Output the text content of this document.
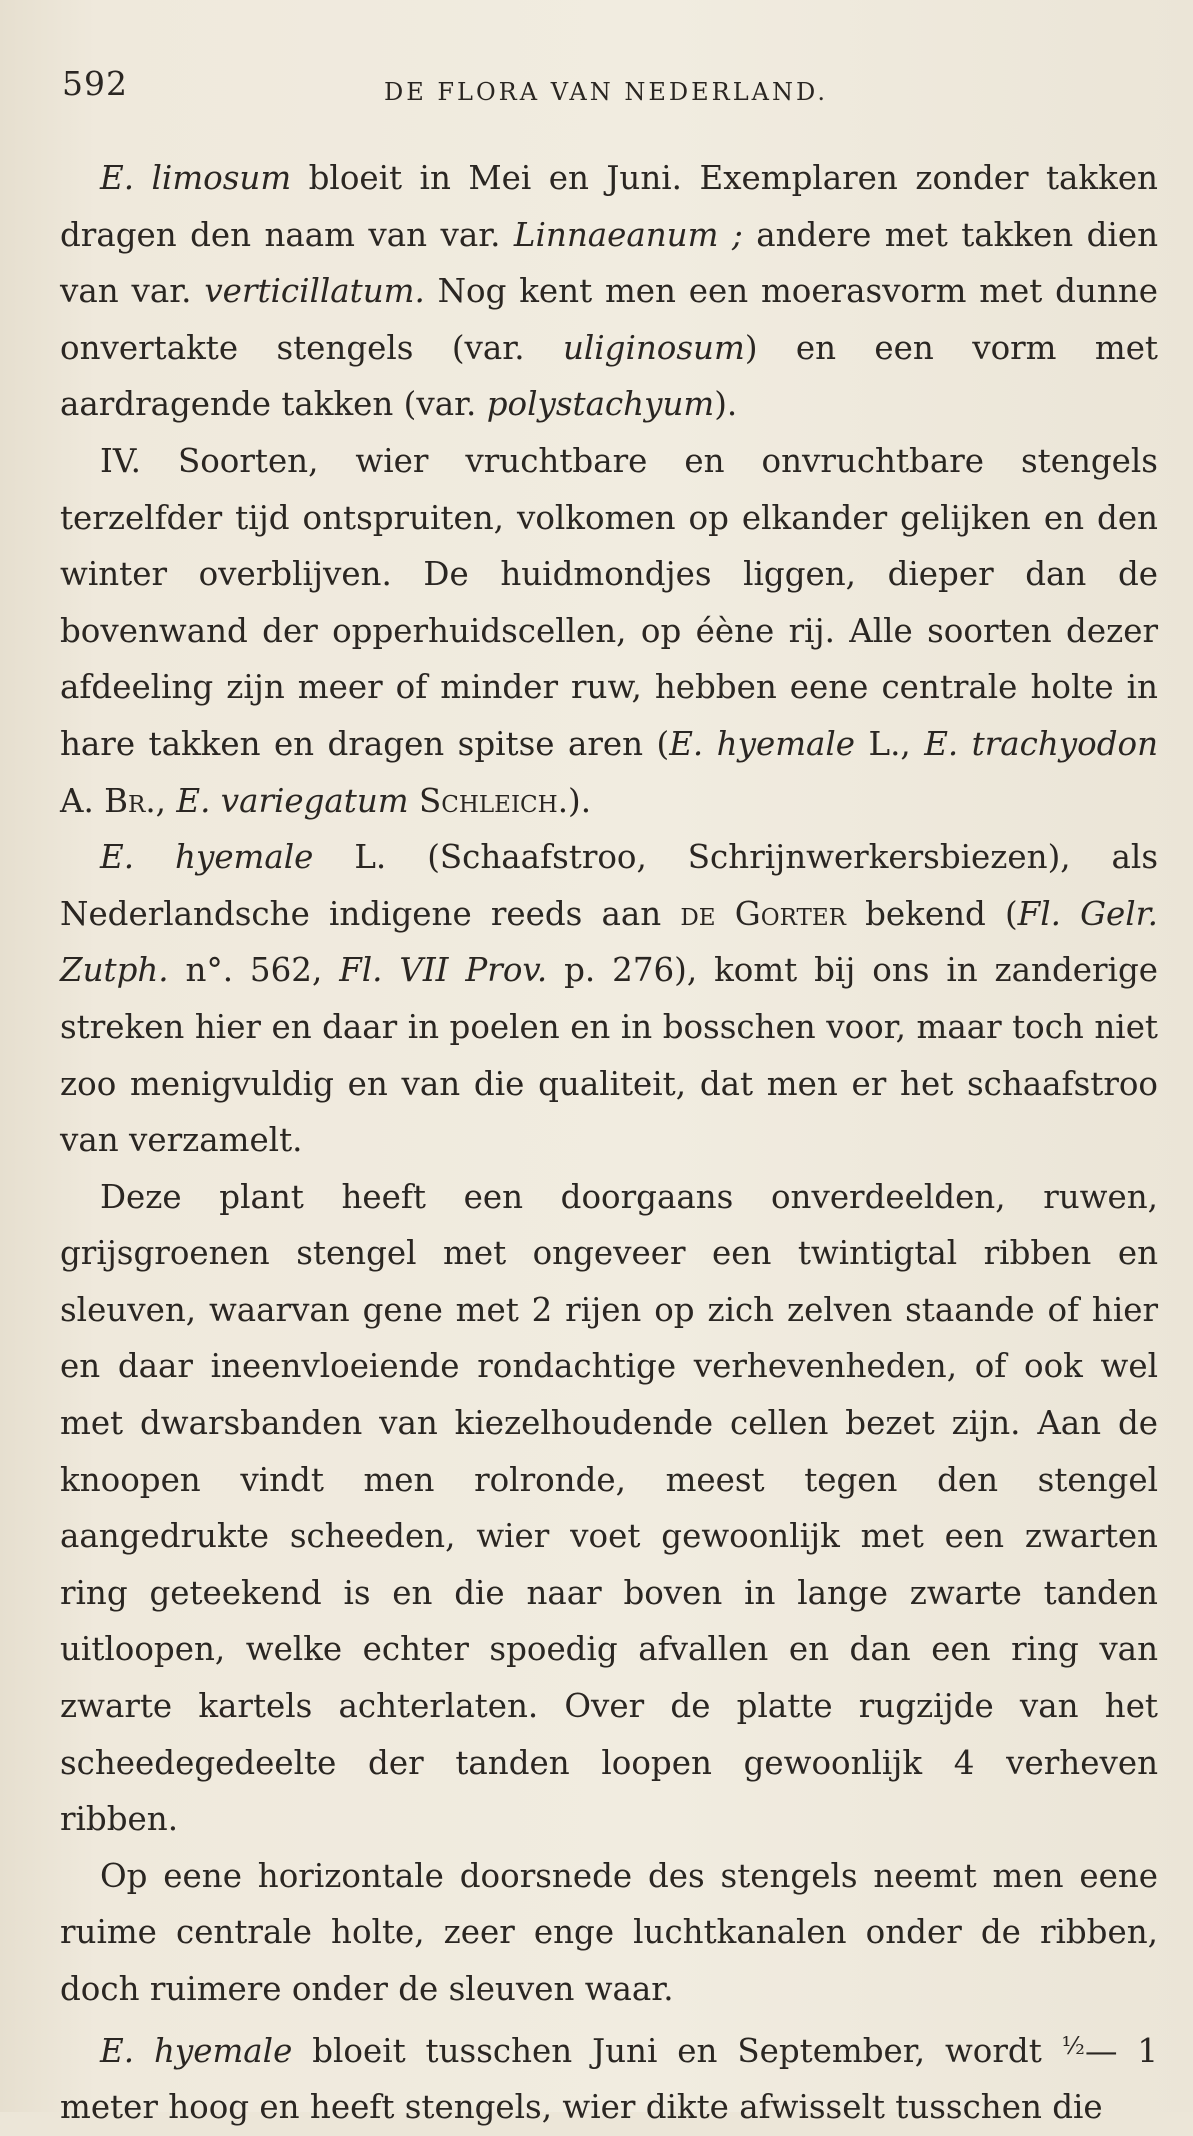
592	DE FLORA VAN NEDERLAND.

E. limosum bloeit in Mei en Juni. Exemplaren zonder takken dragen den naam van var. Linnaeanum ; andere met takken dien van var. verticillatum. Nog kent men een moerasvorm met dunne onvertakte stengels (var. uliginosum) en een vorm met aardragende takken (var. polystachyum).

IV. Soorten, wier vruchtbare en onvruchtbare stengels terzelfder tijd ontspruiten, volkomen op elkander gelijken en den winter overblijven. De huidmondjes liggen, dieper dan de bovenwand der opperhuidscellen, op éène rij. Alle soorten dezer afdeeling zijn meer of minder ruw, hebben eene centrale holte in hare takken en dragen spitse aren (E. hyemale L., E. trachyodon A. Br., E. variegatum Schleich.).

E. hyemale L. (Schaafstroo, Schrijnwerkersbiezen), als Nederlandsche indigene reeds aan de Gorter bekend (Fl. Gelr. Zutph. n°. 562, Fl. VII Prov. p. 276), komt bij ons in zanderige streken hier en daar in poelen en in bosschen voor, maar toch niet zoo menigvuldig en van die qualiteit, dat men er het schaafstroo van verzamelt.

Deze plant heeft een doorgaans onverdeelden, ruwen, grijsgroenen stengel met ongeveer een twintigtal ribben en sleuven, waarvan gene met 2 rijen op zich zelven staande of hier en daar ineenvloeiende rondachtige verhevenheden, of ook wel met dwarsbanden van kiezelhoudende cellen bezet zijn. Aan de knoopen vindt men rolronde, meest tegen den stengel aangedrukte scheeden, wier voet gewoonlijk met een zwarten ring geteekend is en die naar boven in lange zwarte tanden uitloopen, welke echter spoedig afvallen en dan een ring van zwarte kartels achterlaten. Over de platte rugzijde van het scheedegedeelte der tanden loopen gewoonlijk 4 verheven ribben.

Op eene horizontale doorsnede des stengels neemt men eene ruime centrale holte, zeer enge luchtkanalen onder de ribben, doch ruimere onder de sleuven waar.

E. hyemale bloeit tusschen Juni en September, wordt $^{\frac{1}{2}}$— 1 meter hoog en heeft stengels, wier dikte afwisselt tusschen die
